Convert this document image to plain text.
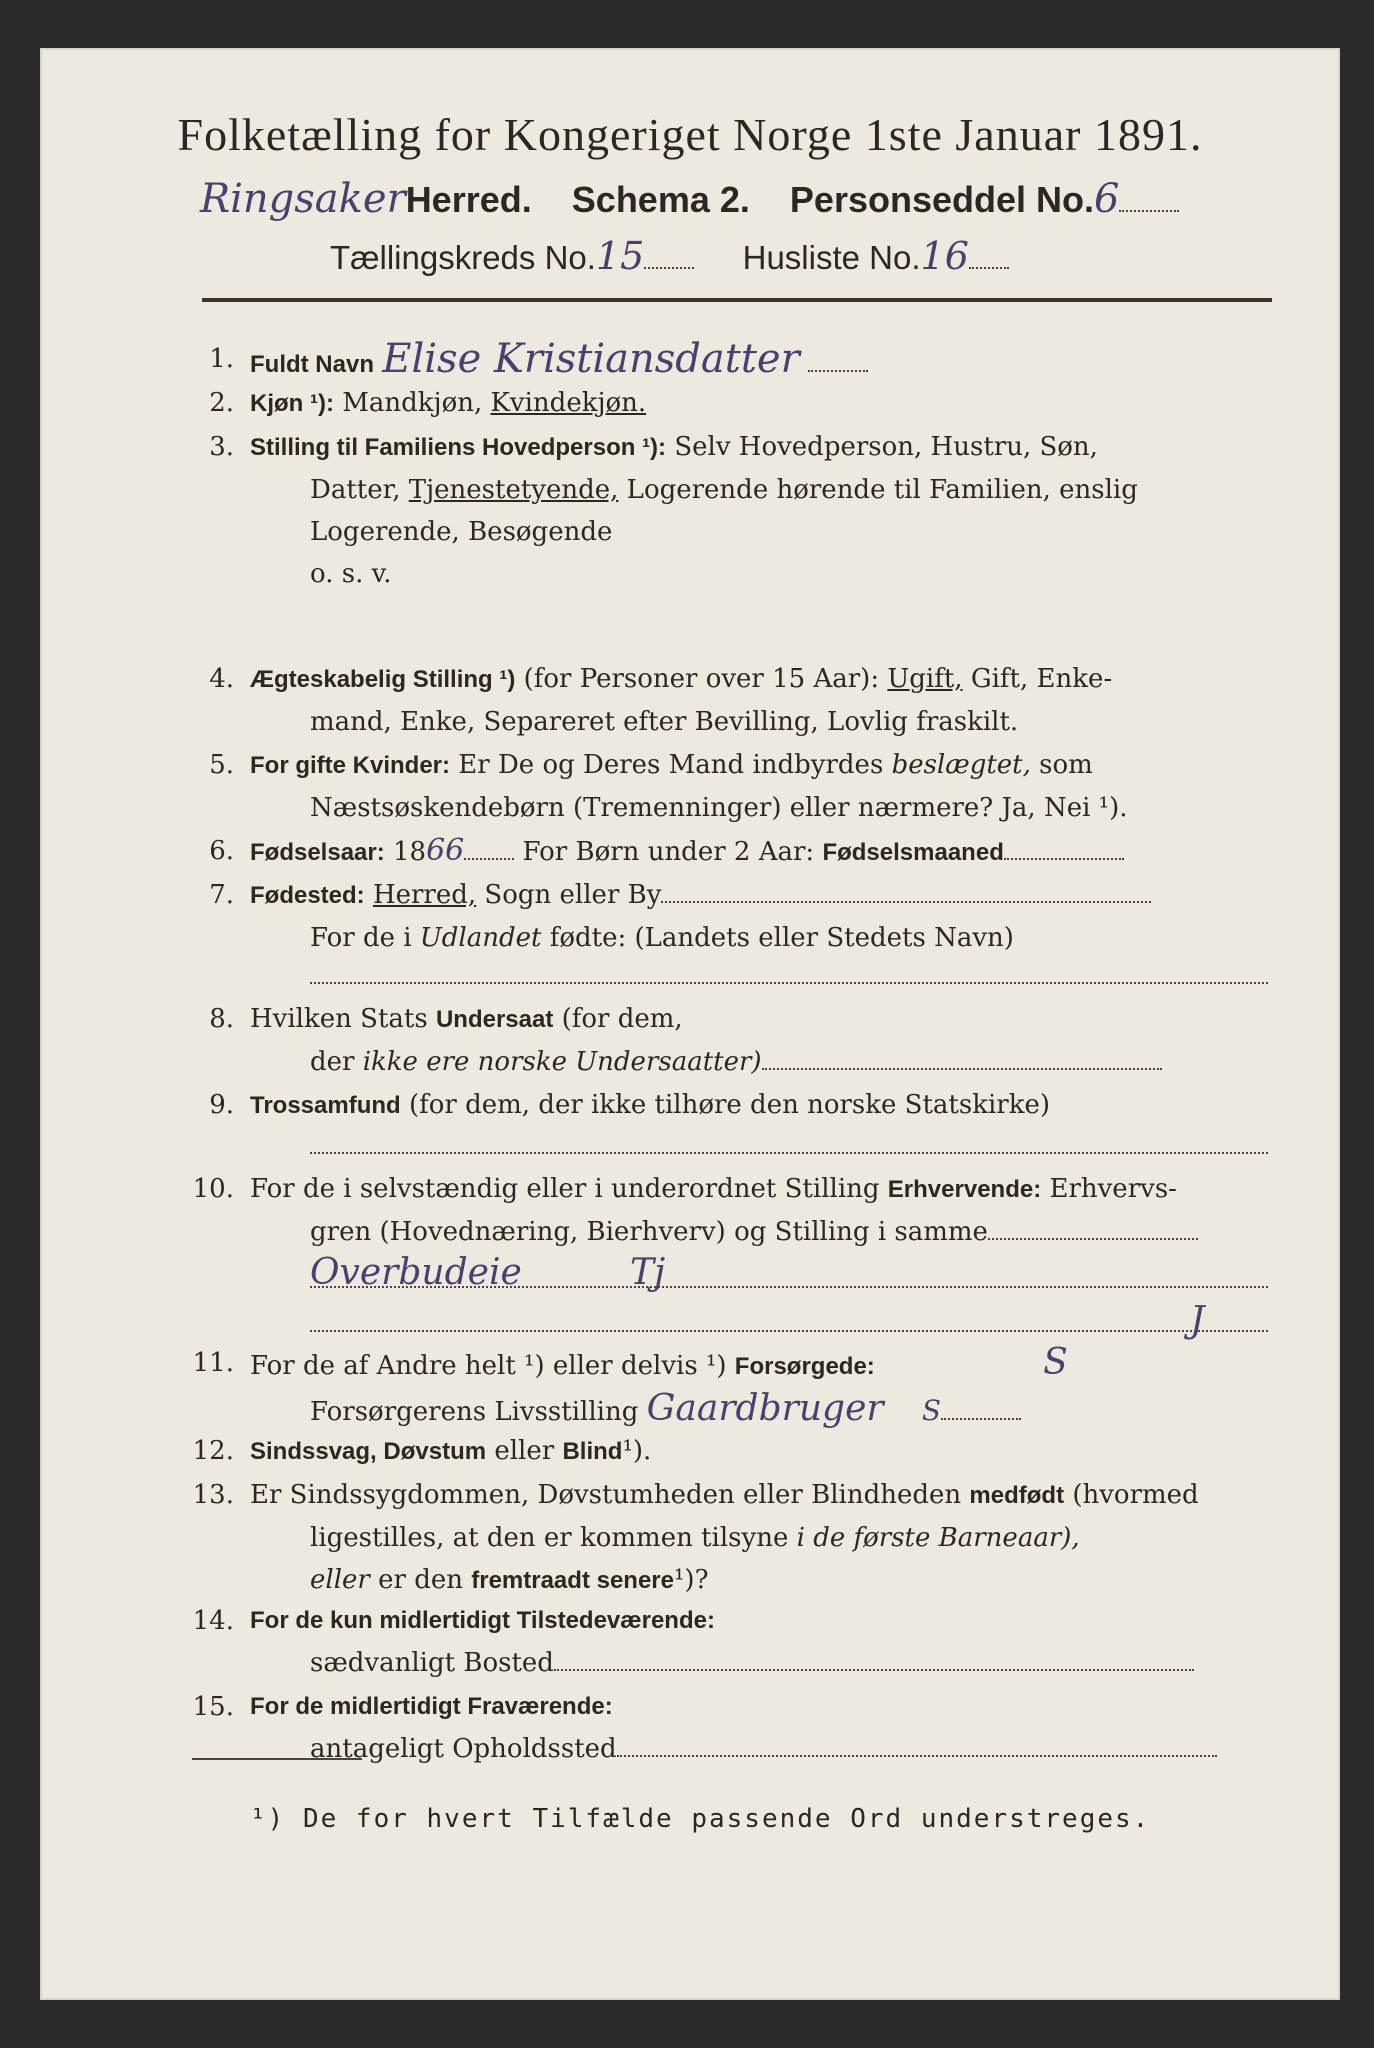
Folketælling for Kongeriget Norge 1ste Januar 1891.
RingsakerHerred. Schema 2. Personseddel No.6
Tællingskreds No.15	Husliste No.16
1. Fuldt Navn Elise Kristiansdatter
2. Kjøn ¹): Mandkjøn, Kvindekjøn.
3. Stilling til Familiens Hovedperson ¹): Selv Hovedperson, Hustru, Søn,
Datter, Tjenestetyende, Logerende hørende til Familien, enslig
Logerende, Besøgende
o. s. v.
4. Ægteskabelig Stilling ¹) (for Personer over 15 Aar): Ugift, Gift, Enke-
mand, Enke, Separeret efter Bevilling, Lovlig fraskilt.
5. For gifte Kvinder: Er De og Deres Mand indbyrdes beslægtet, som
Næstsøskendebørn (Tremenninger) eller nærmere? Ja, Nei ¹).
6. Fødselsaar: 1866 For Børn under 2 Aar: Fødselsmaaned
7. Fødested: Herred, Sogn eller By
For de i Udlandet fødte: (Landets eller Stedets Navn)
8. Hvilken Stats Undersaat (for dem,
der ikke ere norske Undersaatter)
9. Trossamfund (for dem, der ikke tilhøre den norske Statskirke)
10. For de i selvstændig eller i underordnet Stilling Erhvervende: Erhvervs-
gren (Hovednæring, Bierhverv) og Stilling i samme
Overbudeie	Tj
J
11. For de af Andre helt ¹) eller delvis ¹) Forsørgede:	S
Forsørgerens Livsstilling Gaardbruger S
12. Sindssvag, Døvstum eller Blind¹).
13. Er Sindssygdommen, Døvstumheden eller Blindheden medfødt (hvormed
ligestilles, at den er kommen tilsyne i de første Barneaar),
eller er den fremtraadt senere¹)?
14. For de kun midlertidigt Tilstedeværende:
sædvanligt Bosted
15. For de midlertidigt Fraværende:
antageligt Opholdssted
¹) De for hvert Tilfælde passende Ord understreges.
